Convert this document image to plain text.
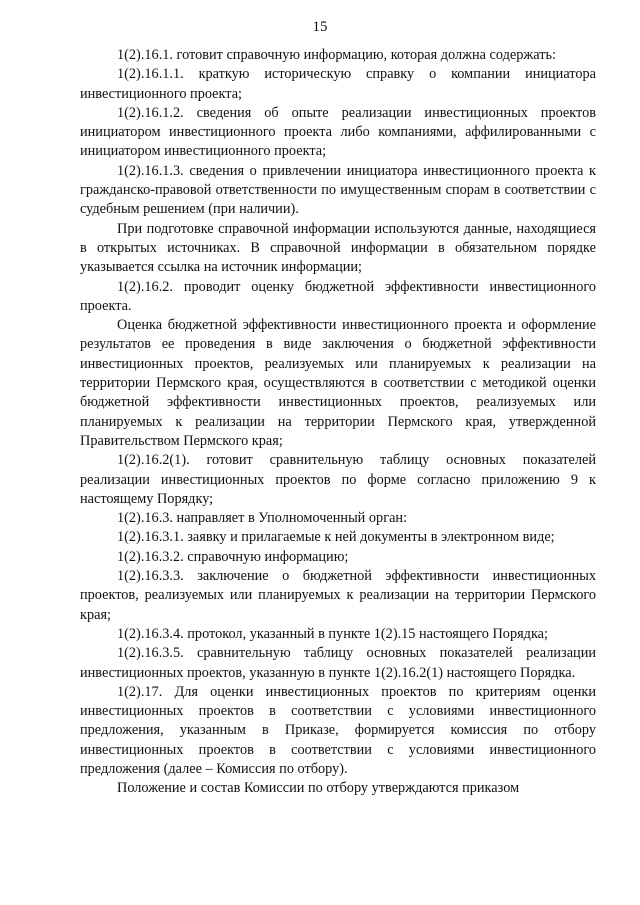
15

1(2).16.1. готовит справочную информацию, которая должна содержать:

1(2).16.1.1. краткую историческую справку о компании инициатора инвестиционного проекта;

1(2).16.1.2. сведения об опыте реализации инвестиционных проектов инициатором инвестиционного проекта либо компаниями, аффилированными с инициатором инвестиционного проекта;

1(2).16.1.3. сведения о привлечении инициатора инвестиционного проекта к гражданско-правовой ответственности по имущественным спорам в соответствии с судебным решением (при наличии).

При подготовке справочной информации используются данные, находящиеся в открытых источниках. В справочной информации в обязательном порядке указывается ссылка на источник информации;

1(2).16.2. проводит оценку бюджетной эффективности инвестиционного проекта.

Оценка бюджетной эффективности инвестиционного проекта и оформление результатов ее проведения в виде заключения о бюджетной эффективности инвестиционных проектов, реализуемых или планируемых к реализации на территории Пермского края, осуществляются в соответствии с методикой оценки бюджетной эффективности инвестиционных проектов, реализуемых или планируемых к реализации на территории Пермского края, утвержденной Правительством Пермского края;

1(2).16.2(1). готовит сравнительную таблицу основных показателей реализации инвестиционных проектов по форме согласно приложению 9 к настоящему Порядку;

1(2).16.3. направляет в Уполномоченный орган:

1(2).16.3.1. заявку и прилагаемые к ней документы в электронном виде;

1(2).16.3.2. справочную информацию;

1(2).16.3.3. заключение о бюджетной эффективности инвестиционных проектов, реализуемых или планируемых к реализации на территории Пермского края;

1(2).16.3.4. протокол, указанный в пункте 1(2).15 настоящего Порядка;

1(2).16.3.5. сравнительную таблицу основных показателей реализации инвестиционных проектов, указанную в пункте 1(2).16.2(1) настоящего Порядка.

1(2).17. Для оценки инвестиционных проектов по критериям оценки инвестиционных проектов в соответствии с условиями инвестиционного предложения, указанным в Приказе, формируется комиссия по отбору инвестиционных проектов в соответствии с условиями инвестиционного предложения (далее – Комиссия по отбору).

Положение и состав Комиссии по отбору утверждаются приказом
